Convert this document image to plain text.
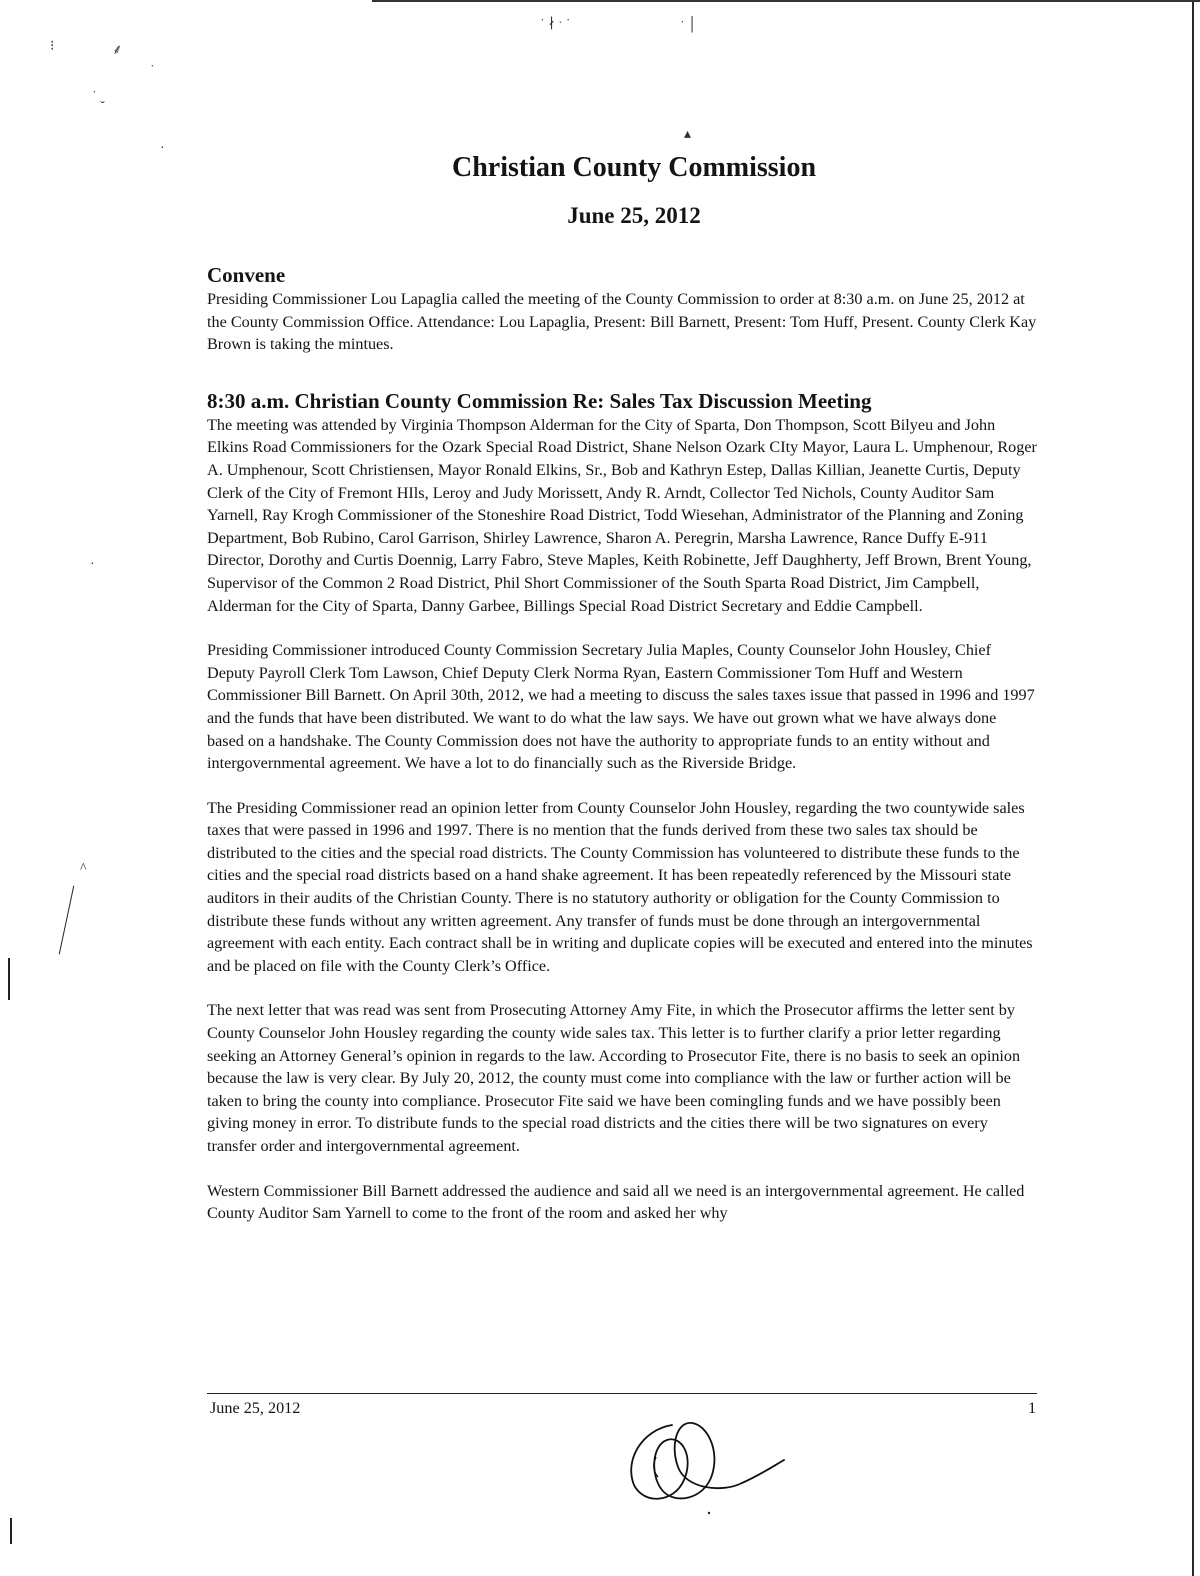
⁝	⸙
˙
˙ ˬ
˙ ∤ ˑ ˙	˙ ׀
▴
·
·
^
Christian County Commission
June 25, 2012
Convene

Presiding Commissioner Lou Lapaglia called the meeting of the County Commission to order at 8:30 a.m. on June 25, 2012 at the County Commission Office. Attendance: Lou Lapaglia, Present: Bill Barnett, Present: Tom Huff, Present. County Clerk Kay Brown is taking the mintues.

8:30 a.m. Christian County Commission Re: Sales Tax Discussion Meeting

The meeting was attended by Virginia Thompson Alderman for the City of Sparta, Don Thompson, Scott Bilyeu and John Elkins Road Commissioners for the Ozark Special Road District, Shane Nelson Ozark CIty Mayor, Laura L. Umphenour, Roger A. Umphenour, Scott Christiensen, Mayor Ronald Elkins, Sr., Bob and Kathryn Estep, Dallas Killian, Jeanette Curtis, Deputy Clerk of the City of Fremont HIls, Leroy and Judy Morissett, Andy R. Arndt, Collector Ted Nichols, County Auditor Sam Yarnell, Ray Krogh Commissioner of the Stoneshire Road District, Todd Wiesehan, Administrator of the Planning and Zoning Department, Bob Rubino, Carol Garrison, Shirley Lawrence, Sharon A. Peregrin, Marsha Lawrence, Rance Duffy E-911 Director, Dorothy and Curtis Doennig, Larry Fabro, Steve Maples, Keith Robinette, Jeff Daughherty, Jeff Brown, Brent Young, Supervisor of the Common 2 Road District, Phil Short Commissioner of the South Sparta Road District, Jim Campbell, Alderman for the City of Sparta, Danny Garbee, Billings Special Road District Secretary and Eddie Campbell.

Presiding Commissioner introduced County Commission Secretary Julia Maples, County Counselor John Housley, Chief Deputy Payroll Clerk Tom Lawson, Chief Deputy Clerk Norma Ryan, Eastern Commissioner Tom Huff and Western Commissioner Bill Barnett. On April 30th, 2012, we had a meeting to discuss the sales taxes issue that passed in 1996 and 1997 and the funds that have been distributed. We want to do what the law says. We have out grown what we have always done based on a handshake. The County Commission does not have the authority to appropriate funds to an entity without and intergovernmental agreement. We have a lot to do financially such as the Riverside Bridge.

The Presiding Commissioner read an opinion letter from County Counselor John Housley, regarding the two countywide sales taxes that were passed in 1996 and 1997. There is no mention that the funds derived from these two sales tax should be distributed to the cities and the special road districts. The County Commission has volunteered to distribute these funds to the cities and the special road districts based on a hand shake agreement. It has been repeatedly referenced by the Missouri state auditors in their audits of the Christian County. There is no statutory authority or obligation for the County Commission to distribute these funds without any written agreement. Any transfer of funds must be done through an intergovernmental agreement with each entity. Each contract shall be in writing and duplicate copies will be executed and entered into the minutes and be placed on file with the County Clerk’s Office.

The next letter that was read was sent from Prosecuting Attorney Amy Fite, in which the Prosecutor affirms the letter sent by County Counselor John Housley regarding the county wide sales tax. This letter is to further clarify a prior letter regarding seeking an Attorney General’s opinion in regards to the law. According to Prosecutor Fite, there is no basis to seek an opinion because the law is very clear. By July 20, 2012, the county must come into compliance with the law or further action will be taken to bring the county into compliance. Prosecutor Fite said we have been comingling funds and we have possibly been giving money in error. To distribute funds to the special road districts and the cities there will be two signatures on every transfer order and intergovernmental agreement.

Western Commissioner Bill Barnett addressed the audience and said all we need is an intergovernmental agreement. He called County Auditor Sam Yarnell to come to the front of the room and asked her why

June 25, 2012	1
